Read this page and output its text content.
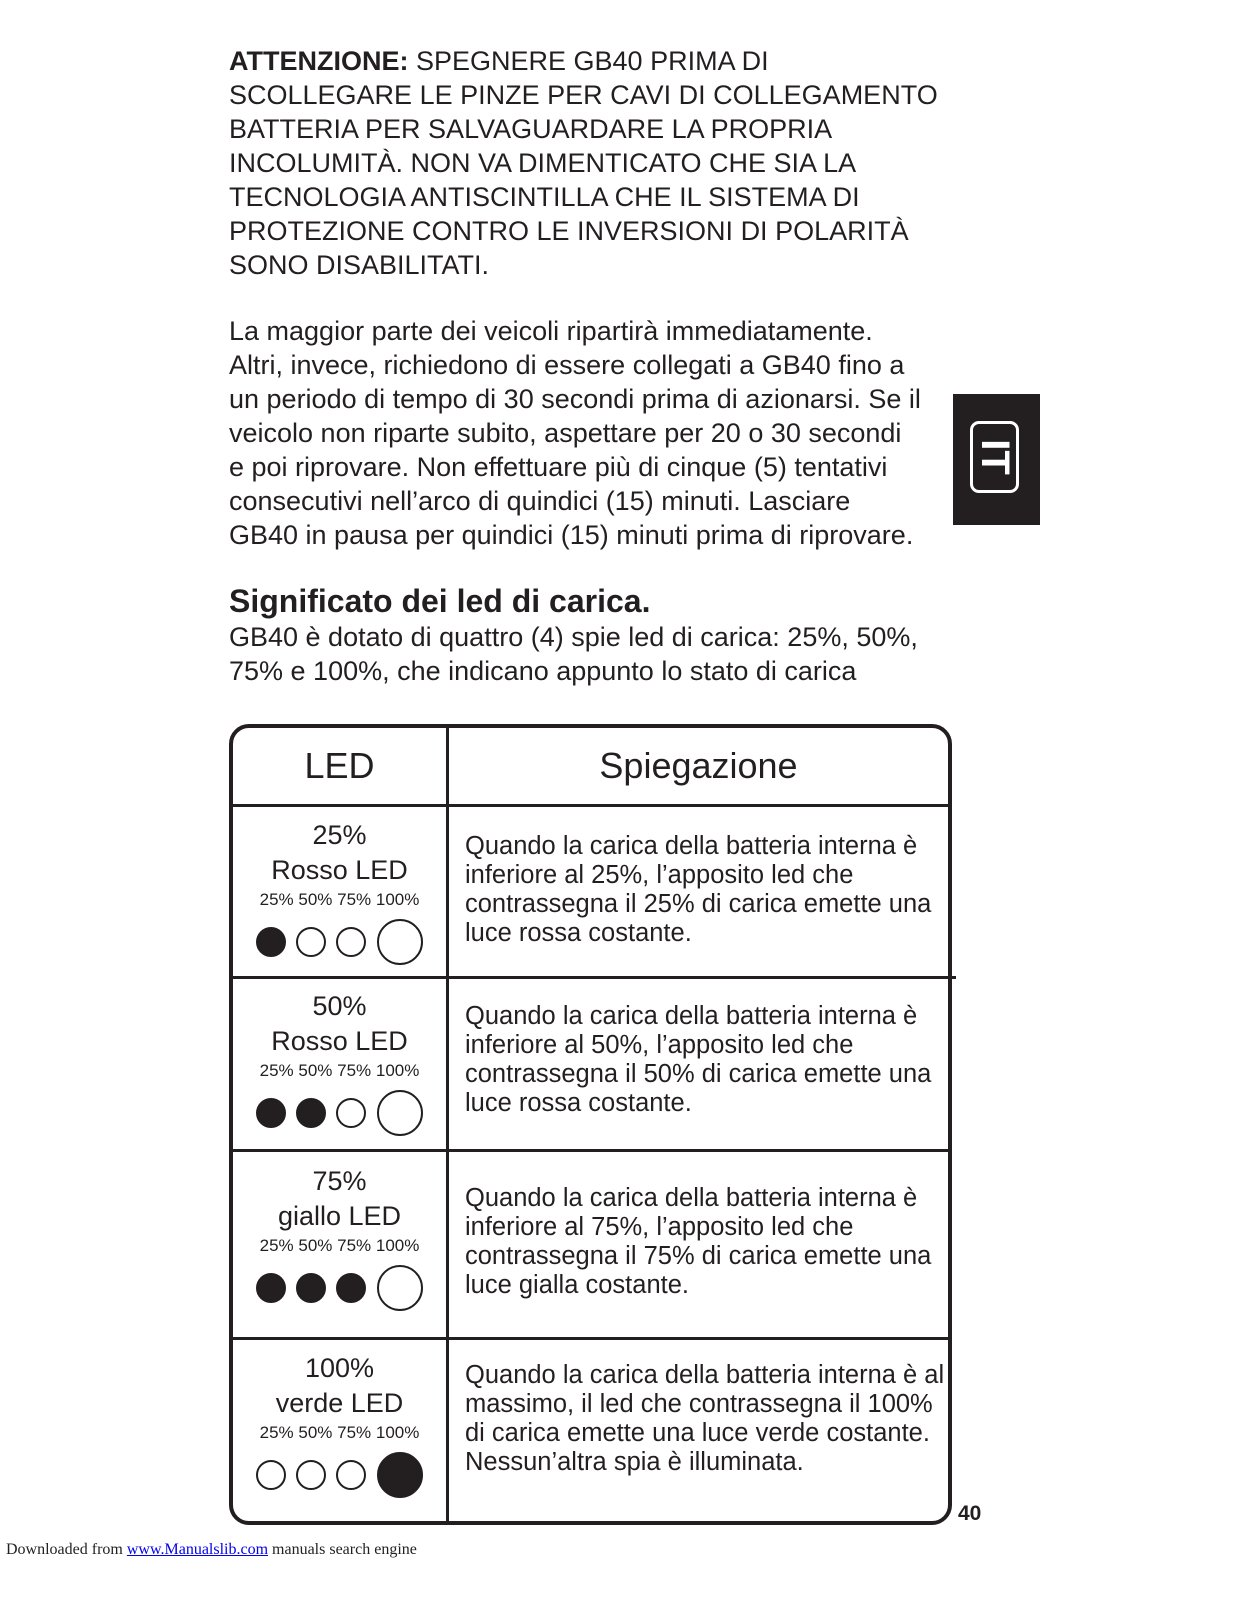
ATTENZIONE: SPEGNERE GB40 PRIMA DI
SCOLLEGARE LE PINZE PER CAVI DI COLLEGAMENTO
BATTERIA PER SALVAGUARDARE LA PROPRIA
INCOLUMITÀ. NON VA DIMENTICATO CHE SIA LA
TECNOLOGIA ANTISCINTILLA CHE IL SISTEMA DI
PROTEZIONE CONTRO LE INVERSIONI DI POLARITÀ
SONO DISABILITATI.

La maggior parte dei veicoli ripartirà immediatamente.
Altri, invece, richiedono di essere collegati a GB40 fino a
un periodo di tempo di 30 secondi prima di azionarsi. Se il
veicolo non riparte subito, aspettare per 20 o 30 secondi
e poi riprovare. Non effettuare più di cinque (5) tentativi
consecutivi nell’arco di quindici (15) minuti. Lasciare
GB40 in pausa per quindici (15) minuti prima di riprovare.

Significato dei led di carica.

GB40 è dotato di quattro (4) spie led di carica: 25%, 50%,
75% e 100%, che indicano appunto lo stato di carica

IT
LED	Spiegazione
25%
Rosso LED
25% 50% 75% 100%

Quando la carica della batteria interna è inferiore al 25%, l’apposito led che contrassegna il 25% di carica emette una luce rossa costante.

50%
Rosso LED
25% 50% 75% 100%

Quando la carica della batteria interna è inferiore al 50%, l’apposito led che contrassegna il 50% di carica emette una luce rossa costante.

75%
giallo LED
25% 50% 75% 100%

Quando la carica della batteria interna è inferiore al 75%, l’apposito led che contrassegna il 75% di carica emette una luce gialla costante.

100%
verde LED
25% 50% 75% 100%

Quando la carica della batteria interna è al massimo, il led che contrassegna il 100% di carica emette una luce verde costante. Nessun’altra spia è illuminata.

40
Downloaded from www.Manualslib.com manuals search engine
